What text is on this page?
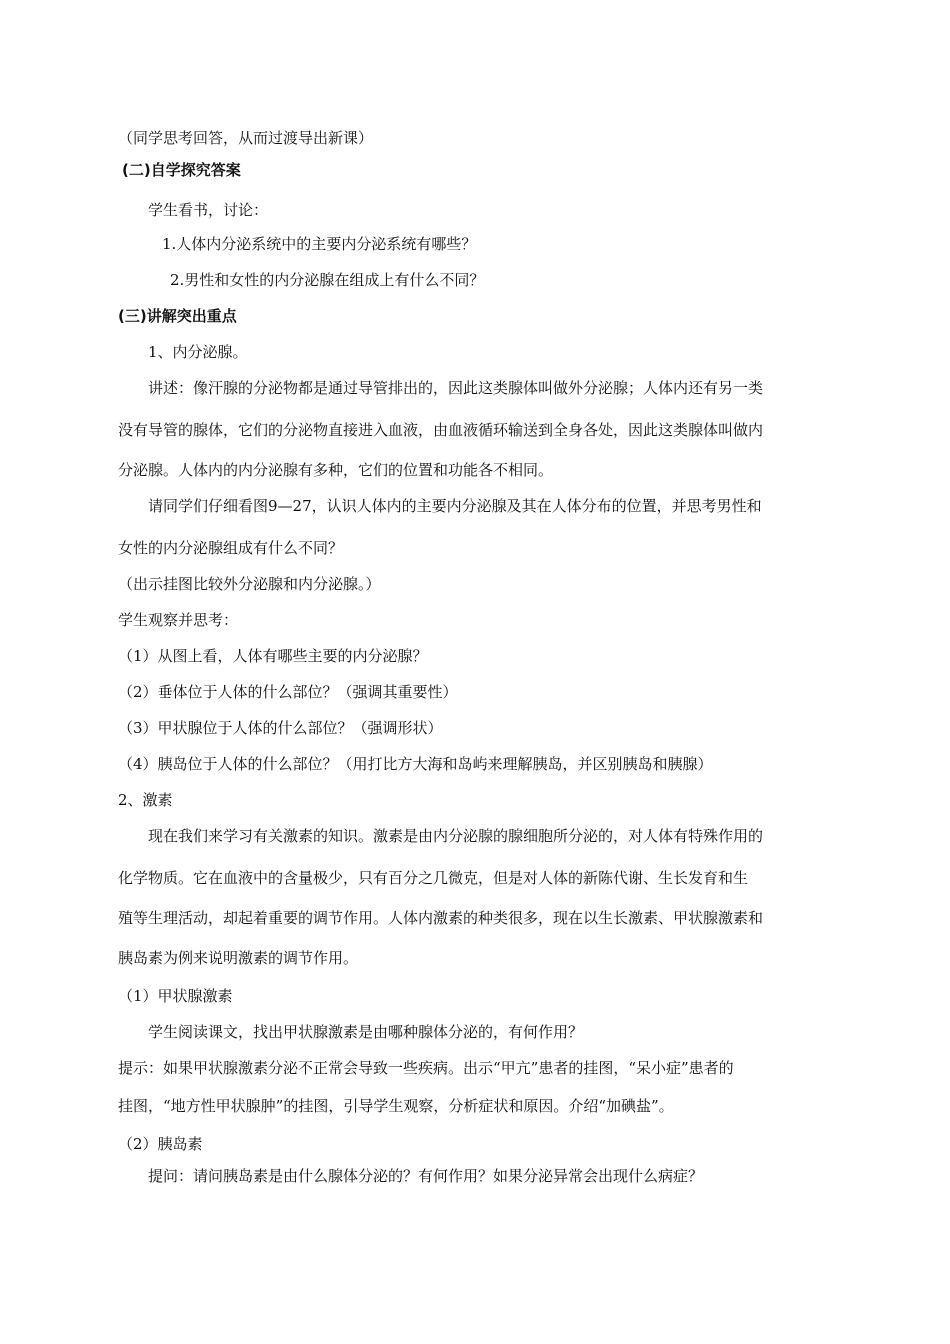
（同学思考回答，从而过渡导出新课）
(二)自学探究答案
学生看书，讨论：
1.人体内分泌系统中的主要内分泌系统有哪些？
2.男性和女性的内分泌腺在组成上有什么不同？
(三)讲解突出重点
1、内分泌腺。
讲述：像汗腺的分泌物都是通过导管排出的，因此这类腺体叫做外分泌腺；人体内还有另一类
没有导管的腺体，它们的分泌物直接进入血液，由血液循环输送到全身各处，因此这类腺体叫做内
分泌腺。人体内的内分泌腺有多种，它们的位置和功能各不相同。
请同学们仔细看图9—27，认识人体内的主要内分泌腺及其在人体分布的位置，并思考男性和
女性的内分泌腺组成有什么不同？
（出示挂图比较外分泌腺和内分泌腺。）
学生观察并思考：
（1）从图上看，人体有哪些主要的内分泌腺？
（2）垂体位于人体的什么部位？（强调其重要性）
（3）甲状腺位于人体的什么部位？（强调形状）
（4）胰岛位于人体的什么部位？（用打比方大海和岛屿来理解胰岛，并区别胰岛和胰腺）
2、激素
现在我们来学习有关激素的知识。激素是由内分泌腺的腺细胞所分泌的，对人体有特殊作用的
化学物质。它在血液中的含量极少，只有百分之几微克，但是对人体的新陈代谢、生长发育和生
殖等生理活动，却起着重要的调节作用。人体内激素的种类很多，现在以生长激素、甲状腺激素和
胰岛素为例来说明激素的调节作用。
（1）甲状腺激素
学生阅读课文，找出甲状腺激素是由哪种腺体分泌的，有何作用？
提示：如果甲状腺激素分泌不正常会导致一些疾病。出示“甲亢”患者的挂图，“呆小症”患者的
挂图，“地方性甲状腺肿”的挂图，引导学生观察，分析症状和原因。介绍“加碘盐”。
（2）胰岛素
提问：请问胰岛素是由什么腺体分泌的？有何作用？如果分泌异常会出现什么病症？
